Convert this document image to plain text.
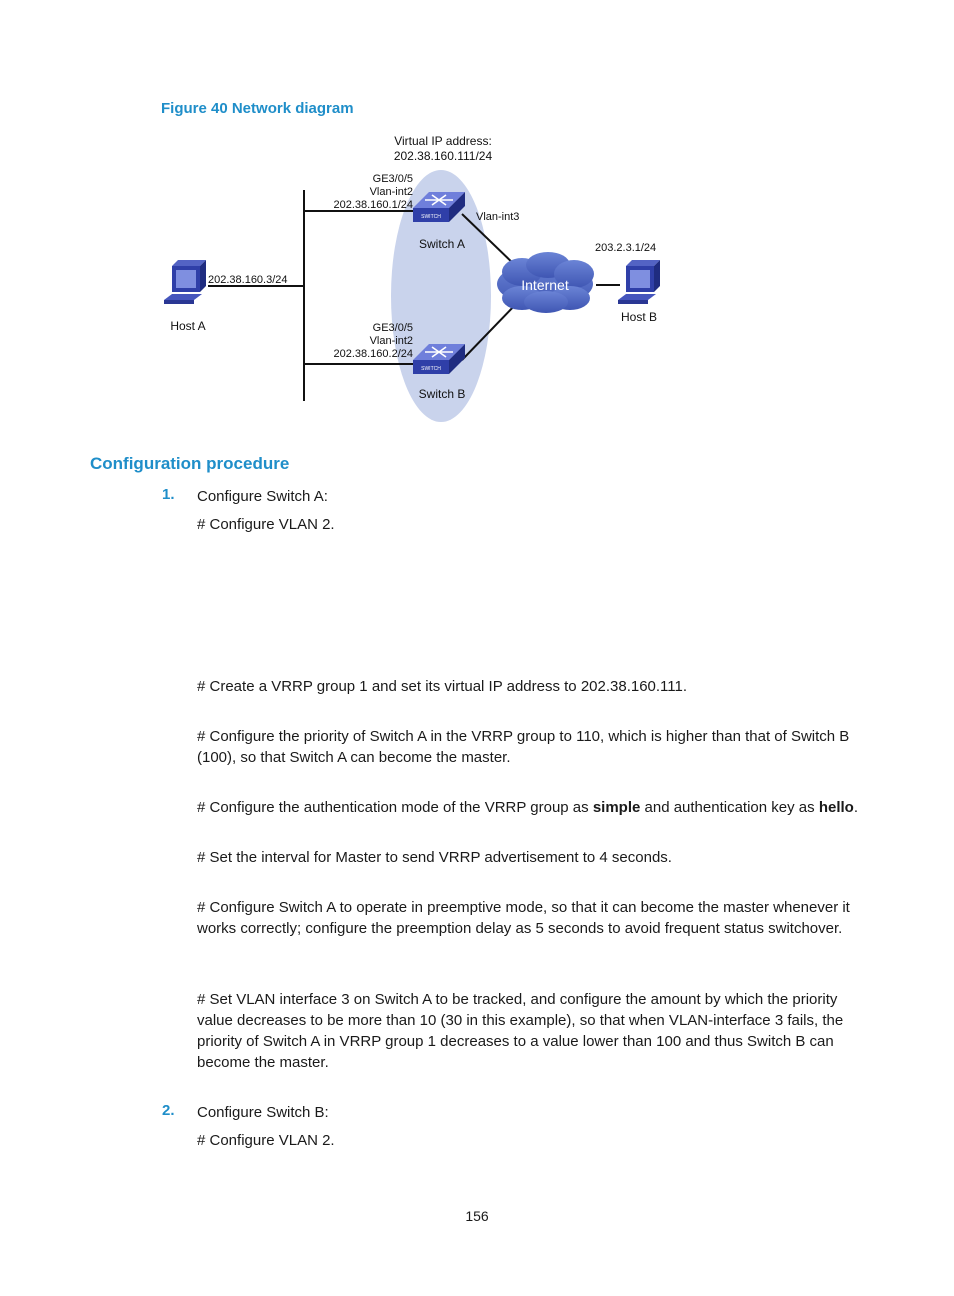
Figure 40 Network diagram
Internet
SWITCH
GE3/0/5
Vlan-int2
202.38.160.1/24
Vlan-int3
Switch A
SWITCH
GE3/0/5
Vlan-int2
202.38.160.2/24
Switch B
Virtual IP address:
202.38.160.111/24
202.38.160.3/24
Host A
203.2.3.1/24
Host B
Configuration procedure
1. Configure Switch A:
# Configure VLAN 2.
# Create a VRRP group 1 and set its virtual IP address to 202.38.160.111.
# Configure the priority of Switch A in the VRRP group to 110, which is higher than that of Switch B (100), so that Switch A can become the master.
# Configure the authentication mode of the VRRP group as simple and authentication key as hello.
# Set the interval for Master to send VRRP advertisement to 4 seconds.
# Configure Switch A to operate in preemptive mode, so that it can become the master whenever it works correctly; configure the preemption delay as 5 seconds to avoid frequent status switchover.
# Set VLAN interface 3 on Switch A to be tracked, and configure the amount by which the priority value decreases to be more than 10 (30 in this example), so that when VLAN-interface 3 fails, the priority of Switch A in VRRP group 1 decreases to a value lower than 100 and thus Switch B can become the master.
2. Configure Switch B:
# Configure VLAN 2.
156
